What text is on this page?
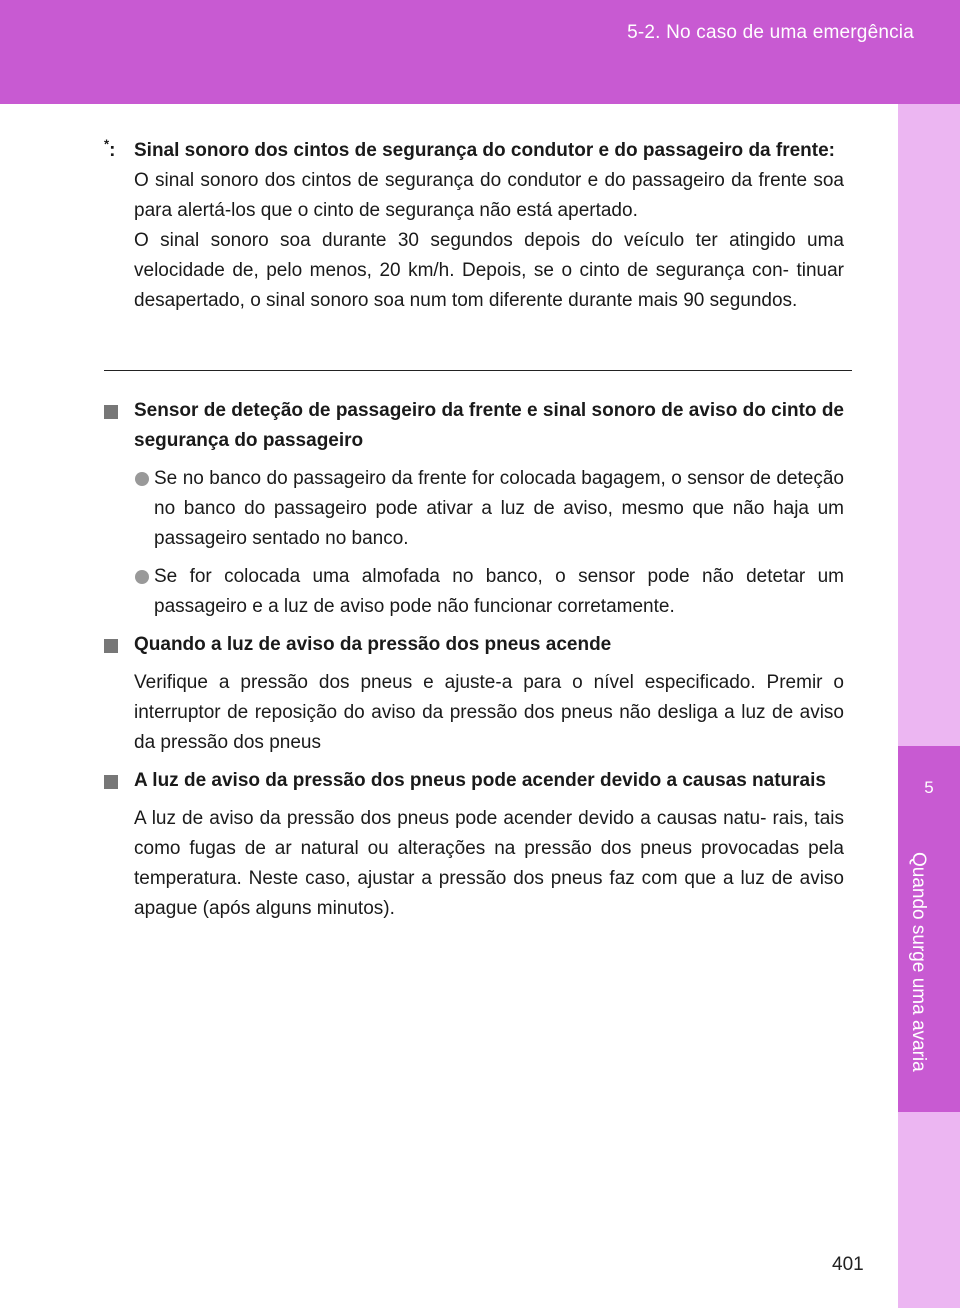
5-2. No caso de uma emergência
5
Quando surge uma avaria
*: Sinal sonoro dos cintos de segurança do condutor e do passageiro da frente:
O sinal sonoro dos cintos de segurança do condutor e do passageiro da frente soa para alertá-los que o cinto de segurança não está apertado.
O sinal sonoro soa durante 30 segundos depois do veículo ter atingido uma velocidade de, pelo menos, 20 km/h. Depois, se o cinto de segurança con- tinuar desapertado, o sinal sonoro soa num tom diferente durante mais 90 segundos.
Sensor de deteção de passageiro da frente e sinal sonoro de aviso do cinto de segurança do passageiro
Se no banco do passageiro da frente for colocada bagagem, o sensor de deteção no banco do passageiro pode ativar a luz de aviso, mesmo que não haja um passageiro sentado no banco.
Se for colocada uma almofada no banco, o sensor pode não detetar um passageiro e a luz de aviso pode não funcionar corretamente.
Quando a luz de aviso da pressão dos pneus acende
Verifique a pressão dos pneus e ajuste-a para o nível especificado. Premir o interruptor de reposição do aviso da pressão dos pneus não desliga a luz de aviso da pressão dos pneus
A luz de aviso da pressão dos pneus pode acender devido a causas naturais
A luz de aviso da pressão dos pneus pode acender devido a causas natu- rais, tais como fugas de ar natural ou alterações na pressão dos pneus provocadas pela temperatura. Neste caso, ajustar a pressão dos pneus faz com que a luz de aviso apague (após alguns minutos).
401
